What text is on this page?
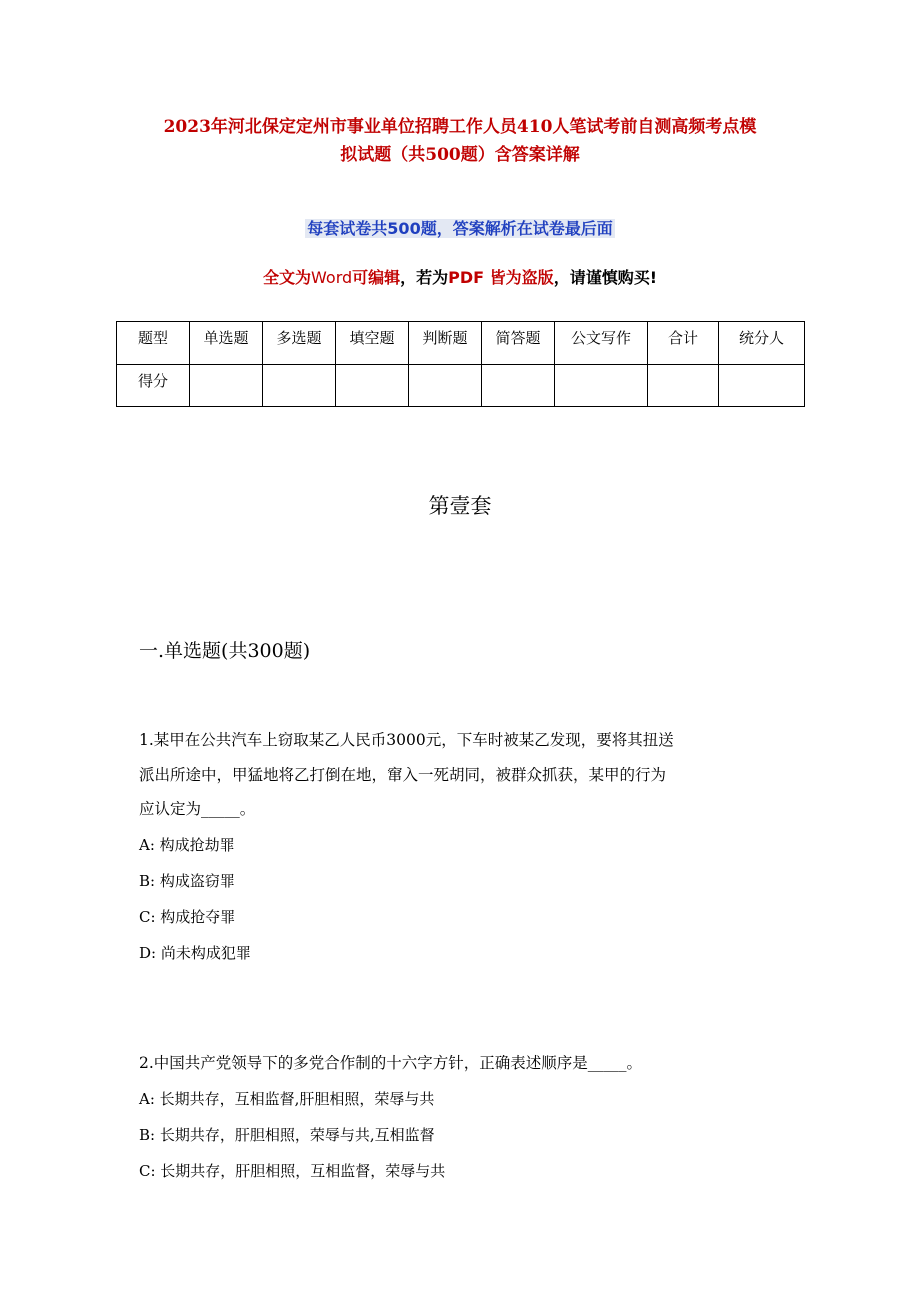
2023年河北保定定州市事业单位招聘工作人员410人笔试考前自测高频考点模
拟试题（共500题）含答案详解
每套试卷共500题，答案解析在试卷最后面
全文为Word可编辑，若为PDF 皆为盗版，请谨慎购买!
题型	单选题	多选题	填空题	判断题	简答题	公文写作	合计	统分人
得分								
第壹套
一.单选题(共300题)
1.某甲在公共汽车上窃取某乙人民币3000元，下车时被某乙发现，要将其扭送
派出所途中，甲猛地将乙打倒在地，窜入一死胡同，被群众抓获，某甲的行为
应认定为_____。
A: 构成抢劫罪
B: 构成盗窃罪
C: 构成抢夺罪
D: 尚未构成犯罪
2.中国共产党领导下的多党合作制的十六字方针，正确表述顺序是_____。
A: 长期共存，互相监督,肝胆相照，荣辱与共
B: 长期共存，肝胆相照，荣辱与共,互相监督
C: 长期共存，肝胆相照，互相监督，荣辱与共
